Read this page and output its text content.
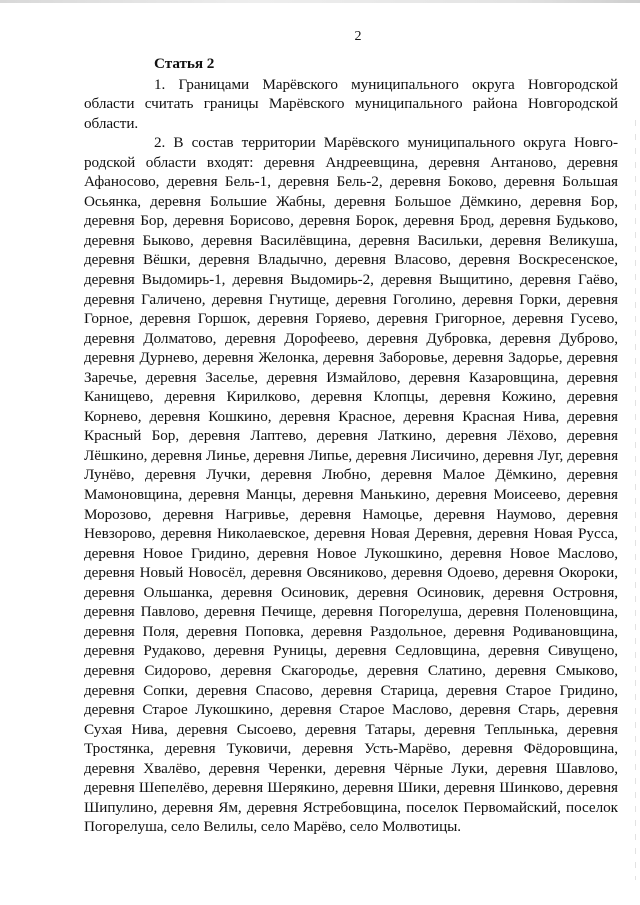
2

Статья 2

1. Границами Марёвского муниципального округа Новгородской области считать границы Марёвского муниципального района Новгородской области.

2. В состав территории Марёвского муниципального округа Новгородской области входят: деревня Андреевщина, деревня Антаново, деревня Афаносово, деревня Бель-1, деревня Бель-2, деревня Боково, деревня Большая Осьянка, деревня Большие Жабны, деревня Большое Дёмкино, деревня Бор, деревня Бор, деревня Борисово, деревня Борок, деревня Брод, деревня Будьково, деревня Быково, деревня Василёвщина, деревня Васильки, деревня Великуша, деревня Вёшки, деревня Владычно, деревня Власово, деревня Воскресенское, деревня Выдомирь-1, деревня Выдомирь-2, деревня Выщитино, деревня Гаёво, деревня Галичено, деревня Гнутище, деревня Гоголино, деревня Горки, деревня Горное, деревня Горшок, деревня Горяево, деревня Григорное, деревня Гусево, деревня Долматово, деревня Дорофеево, деревня Дубровка, деревня Дуброво, деревня Дурнево, деревня Желонка, деревня Заборовье, деревня Задорье, деревня Заречье, деревня Заселье, деревня Измайлово, деревня Казаровщина, деревня Канищево, деревня Кирилково, деревня Клопцы, деревня Кожино, деревня Корнево, деревня Кошкино, деревня Красное, деревня Красная Нива, деревня Красный Бор, деревня Лаптево, деревня Латкино, деревня Лёхово, деревня Лёшкино, деревня Линье, деревня Липье, деревня Лисичино, деревня Луг, деревня Лунёво, деревня Лучки, деревня Любно, деревня Малое Дёмкино, деревня Мамоновщина, деревня Манцы, деревня Манькино, деревня Моисеево, деревня Морозово, деревня Нагривье, деревня Намоцье, деревня Наумово, деревня Невзорово, деревня Николаевское, деревня Новая Деревня, деревня Новая Русса, деревня Новое Гридино, деревня Новое Лукошкино, деревня Новое Маслово, деревня Новый Новосёл, деревня Овсяниково, деревня Одоево, деревня Окороки, деревня Ольшанка, деревня Осиновик, деревня Осиновик, деревня Островня, деревня Павлово, деревня Печище, деревня Погорелуша, деревня Поленовщина, деревня Поля, деревня Поповка, деревня Раздольное, деревня Родивановщина, деревня Рудаково, деревня Руницы, деревня Седловщина, деревня Сивущено, деревня Сидорово, деревня Скагородье, деревня Слатино, деревня Смыково, деревня Сопки, деревня Спасово, деревня Старица, деревня Старое Гридино, деревня Старое Лукошкино, деревня Старое Маслово, деревня Старь, деревня Сухая Нива, деревня Сысоево, деревня Татары, деревня Теплынька, деревня Тростянка, деревня Туковичи, деревня Усть-Марёво, деревня Фёдоровщина, деревня Хвалёво, деревня Черенки, деревня Чёрные Луки, деревня Шавлово, деревня Шепелёво, деревня Шерякино, деревня Шики, деревня Шинково, деревня Шипулино, деревня Ям, деревня Ястребовщина, поселок Первомайский, поселок Погорелуша, село Велилы, село Марёво, село Молвотицы.
